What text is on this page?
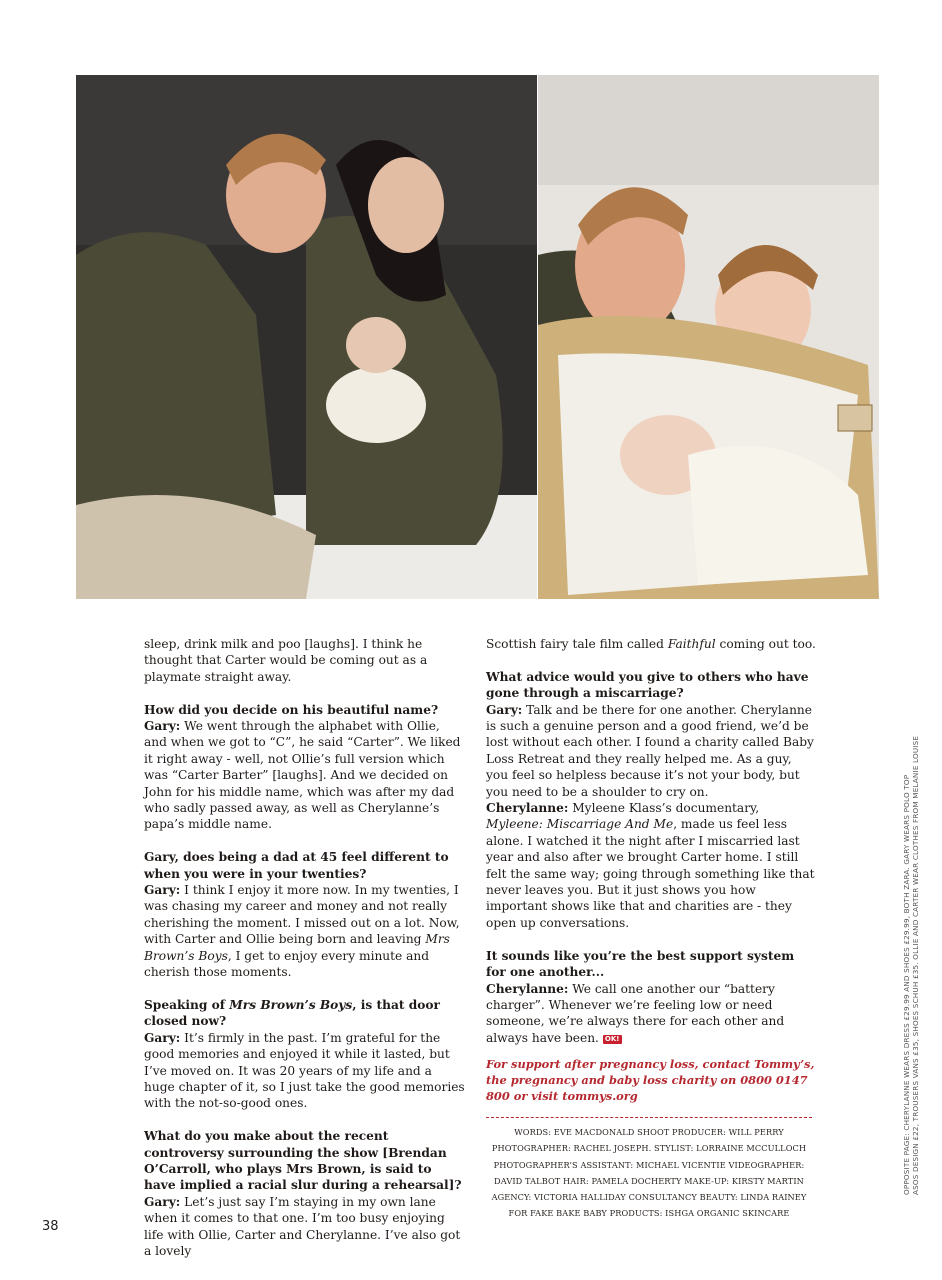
sleep, drink milk and poo [laughs]. I think he thought that Carter would be coming out as a playmate straight away.

How did you decide on his beautiful name?

Gary: We went through the alphabet with Ollie, and when we got to “C”, he said “Carter”. We liked it right away - well, not Ollie’s full version which was “Carter Barter” [laughs]. And we decided on John for his middle name, which was after my dad who sadly passed away, as well as Cherylanne’s papa’s middle name.

Gary, does being a dad at 45 feel different to when you were in your twenties?

Gary: I think I enjoy it more now. In my twenties, I was chasing my career and money and not really cherishing the moment. I missed out on a lot. Now, with Carter and Ollie being born and leaving Mrs Brown’s Boys, I get to enjoy every minute and cherish those moments.

Speaking of Mrs Brown’s Boys, is that door closed now?

Gary: It’s firmly in the past. I’m grateful for the good memories and enjoyed it while it lasted, but I’ve moved on. It was 20 years of my life and a huge chapter of it, so I just take the good memories with the not-so-good ones.

What do you make about the recent controversy surrounding the show [Brendan O’Carroll, who plays Mrs Brown, is said to have implied a racial slur during a rehearsal]?

Gary: Let’s just say I’m staying in my own lane when it comes to that one. I’m too busy enjoying life with Ollie, Carter and Cherylanne. I’ve also got a lovely

Scottish fairy tale film called Faithful coming out too.

What advice would you give to others who have gone through a miscarriage?

Gary: Talk and be there for one another. Cherylanne is such a genuine person and a good friend, we’d be lost without each other. I found a charity called Baby Loss Retreat and they really helped me. As a guy, you feel so helpless because it’s not your body, but you need to be a shoulder to cry on.

Cherylanne: Myleene Klass’s documentary, Myleene: Miscarriage And Me, made us feel less alone. I watched it the night after I miscarried last year and also after we brought Carter home. I still felt the same way; going through something like that never leaves you. But it just shows you how important shows like that and charities are - they open up conversations.

It sounds like you’re the best support system for one another...

Cherylanne: We call one another our “battery charger”. Whenever we’re feeling low or need someone, we’re always there for each other and always have been. OK!

For support after pregnancy loss, contact Tommy’s, the pregnancy and baby loss charity on 0800 0147 800 or visit tommys.org

WORDS: EVE MACDONALD SHOOT PRODUCER: WILL PERRY
PHOTOGRAPHER: RACHEL JOSEPH. STYLIST: LORRAINE MCCULLOCH
PHOTOGRAPHER’S ASSISTANT: MICHAEL VICENTIE VIDEOGRAPHER:
DAVID TALBOT HAIR: PAMELA DOCHERTY MAKE-UP: KIRSTY MARTIN
AGENCY: VICTORIA HALLIDAY CONSULTANCY BEAUTY: LINDA RAINEY
FOR FAKE BAKE BABY PRODUCTS: ISHGA ORGANIC SKINCARE
OPPOSITE PAGE: CHERYLANNE WEARS DRESS £29.99 AND SHOES £29.99, BOTH ZARA. GARY WEARS POLO TOP ASOS DESIGN £22, TROUSERS VANS £35, SHOES SCHUH £35. OLLIE AND CARTER WEAR CLOTHES FROM MELANIE LOUISE
38
